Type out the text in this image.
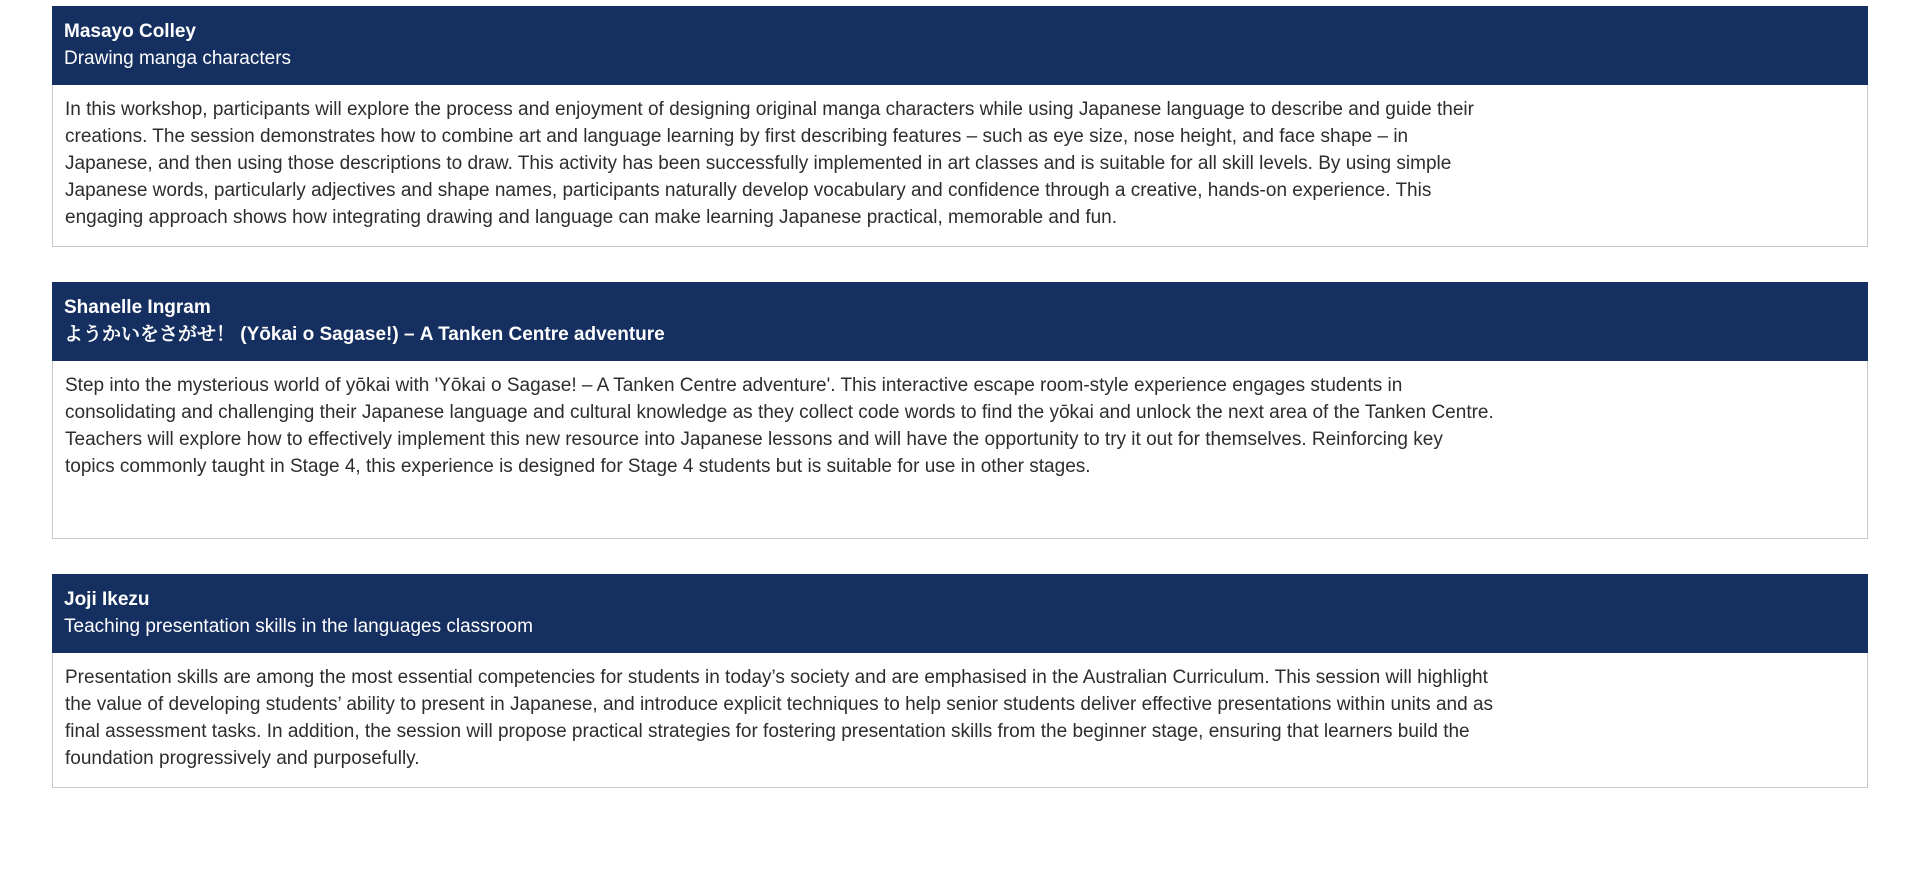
Masayo Colley
Drawing manga characters

In this workshop, participants will explore the process and enjoyment of designing original manga characters while using Japanese language to describe and guide their creations. The session demonstrates how to combine art and language learning by first describing features – such as eye size, nose height, and face shape – in Japanese, and then using those descriptions to draw. This activity has been successfully implemented in art classes and is suitable for all skill levels. By using simple Japanese words, particularly adjectives and shape names, participants naturally develop vocabulary and confidence through a creative, hands-on experience. This engaging approach shows how integrating drawing and language can make learning Japanese practical, memorable and fun.

Shanelle Ingram
ようかいをさがせ！ (Yōkai o Sagase!) – A Tanken Centre adventure

Step into the mysterious world of yōkai with 'Yōkai o Sagase! – A Tanken Centre adventure'. This interactive escape room-style experience engages students in consolidating and challenging their Japanese language and cultural knowledge as they collect code words to find the yōkai and unlock the next area of the Tanken Centre. Teachers will explore how to effectively implement this new resource into Japanese lessons and will have the opportunity to try it out for themselves. Reinforcing key topics commonly taught in Stage 4, this experience is designed for Stage 4 students but is suitable for use in other stages.

Joji Ikezu
Teaching presentation skills in the languages classroom

Presentation skills are among the most essential competencies for students in today’s society and are emphasised in the Australian Curriculum. This session will highlight the value of developing students’ ability to present in Japanese, and introduce explicit techniques to help senior students deliver effective presentations within units and as final assessment tasks. In addition, the session will propose practical strategies for fostering presentation skills from the beginner stage, ensuring that learners build the foundation progressively and purposefully.
